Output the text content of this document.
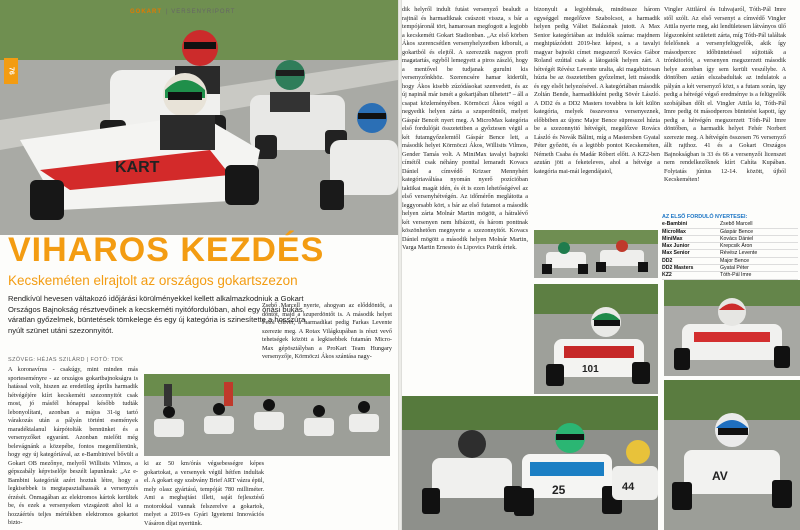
KART
GOKART | VERSENYRIPORT
76
VIHAROS KEZDÉS
Kecskeméten elrajtolt az országos gokartszezon
Rendkívül hevesen váltakozó időjárási körülményekkel kellett alkalmazkodniuk a Gokart Országos Bajnokság résztvevőinek a kecskeméti nyitófordulóban, ahol egy óriási bukás, váratlan győzelmek, büntetések tömkelege és egy új kategória is szinesítette a hosszúra nyúlt szünet utáni szezonnyitót.
SZÖVEG: HÉJAS SZILÁRD | FOTÓ: TDK
A koronavírus - csakúgy, mint minden más sporteseményre - az országos gokartbajnokságra is hatással volt, hiszen az eredetileg április harmadik hétvégéjére kiírt kecskeméti szezonnyitót csak most, jó másfél hónappal később tudták lebonyolítani, azonban a május 31-ig tartó várakozás után a pályán történt események maradéktalanul kárpótolták bennünket és a versenyzőket egyaránt. Azonban mielőtt még belevágnánk a közepébe, fontos megemlítenünk, hogy egy új kategóriával, az e-Bambinivel bővült a Gokart OB mezőnye, melyről Willisits Vilmos, a gépszabály képviselője beszélt lapunknak: „Az e-Bambini kategóriát azért hoztuk létre, hogy a legkisebbek is megtapasztalhassák a versenyzés érzését. Önmagában az elektromos kártok kerültek be, és ezek a versenyeken vizsgázott ahol ki a hozzáértés teljes mértékben elektromos gokartot bizto-
Zsebő Marcell nyerte, ahogyan az előddöntőt, a döntőt, majd a szuperdöntőt is. A második helyet Petői Olivér, a harmadikat pedig Farkas Levente szerezte meg. A Rotax Világkupában is részt vevő tehetségek között a legkisebbek futamán Micro-Max gépösztályban a ProKart Team Hungary versenyzője, Körmöczi Ákos szántása nagy-
ki az 50 km/órás végsebességre képes gokartokat, a versenyek végül hétfen indultak el. A gokart egy szabvány Brief ART vázra épül, mely olasz gyártású, tempóját 780 milliméter. Ami a meghajtást illeti, saját fejlesztésű motorokkal vannak felszerelve a gokartok, melyet a 2019-es Gyári Igyetemi Innovációs Vásáron díjat nyertünk.
dik helyről indult futást versenyző bealudt a rajtnál és harmadiknak csúszott vissza, s bár a tempójáronál tört, hamarosan megfogott a legjobb a kecskeméti Gokart Stadionban. „Az első körben Ákos szerencsétlen versenyhelyzetben kiborult, a gokartból és elejtől. A szerezzük nagyon profi magatartás, egyből lemegyett a piros zászló, hogy a mentővel be tudjanak gurulni kis versenyzőnkhöz. Szerencsére hamar kiderült, hogy Ákos kisebb zúzódásokat szenvedett, és az új napinál már ismét a gokartjában ülhetett” – áll a csapat közleményében. Körmöczi Ákos végül a negyedik helyen zárta a szuperdöntőt, melyet Gáspár Bencét nyert meg. A MicroMax kategória első fordulóját összetettben a győztesen végül a két futamgyőzelemtől Gáspár Bence lett, a második helyet Körmöczi Ákos, Willisits Vilmos, Gender Tamás volt. A MiniMax tavalyi bajnoki címétől csak néhány ponttal lemaradt Kovacs Dániel a címvédő Krizser Mennyhért kategóriaváltása nyomán nyerő pozícióban taktikai magát idén, és ét is ezen lehetőségével az első versenyhétvégén. Az időmérőn meglátotta a leggyorsabb kört, s bár az első futamot a második helyen zárta Molnár Martin mögött, a hátralévő két versenyen nem hibázott, és három ponttnak köszönhetően megnyerte a szezonnyitót. Kovacs Dániel mögött a második helyen Molnár Martin, Varga Martin Ernesto és Lipovics Patrik értek.
bizonyult a legjobbnak, mindössze három egységgel megelőzve Szabolcsot, a harmadik helyen pedig Váliet Balázsnak jutott. A Max Senior kategóriában az indulók száma: majdnem meghiptázódott 2019-hez képest, s a tavalyi magyar bajnoki címet megszerző Kovács Gábor Roland ezúttal csak a látogatók helyen zárt. A hétvégét Révész Levente uralta, aki magabiztosan húzta be az összetettben győzelmet, lett második és egy elsőt helyezésével. A kategóriában második Zoltán Bende, harmadikként pedig Sövér László. A DD2 és a DD2 Masters tovabbra is két külön kategória, melyek összevonva versenyeznek, előbbiben az újonc Major Bence süpresszel húzta be a szezonnyitó hétvégét, megelőzve Rovács László és Novák Bálint, míg a Mastersben Gyatal Péter győzött, és a legtöbb pontot Kecskeméten, Németh Csaba és Madár Róbert előtt. A KZ2-ben azután jött a feketeleves, ahol a hétvége a kategória mai-mái legendájaiol,
Vingler Attilárol és Iuhvajaról, Tóth-Pál Imre stől szólt. Az első versenyt a címvédő Vingler Attila nyerte meg, aki lendületesen látványos ülő légszonként született zárta, míg Tóth-Pál találtak felelősnek a versenyfelügyelők, akik így másodpercec időbüntetéssel sújtották a trónkitorlót, a versenyen megszerzett második helye azonban így sem került veszélybe. A döntőben aztán elszabadultak az indulatok a pályán a két versenyző közt, s a futam során, igy pedig a hétvégé végső eredménye is a felügyelők szobájában dőlt el. Vingler Attila ki, Tóth-Pál Imre pedig öt másodperces büntetést kapott, így pedig a hétvégén megszerzett Tóth-Pál Imre döntőben, a harmadik helyet Fehér Norbert szerezte meg. A hétvégén összesen 76 versenyző állt rajthoz. 41 és a Gokart Országos Bajnokságban is 33 és 66 a versenyzői licenszet nem rendelkezőknek kiírt Cahíta Kupában. Folytatás június 12-14. között, újból Kecskeméten!
101
25	44
AV
AZ ELSŐ FORDULÓ NYERTESEI:
e-Bambini	Zsebő Marcell
MicroMax	Gáspár Bence
MiniMax	Kovács Dániel
Max Junior	Krepcsik Áron
Max Senior	Révész Levente
DD2	Major Bence
DD2 Masters	Gyatal Péter
KZ2	Tóth-Pál Imre
